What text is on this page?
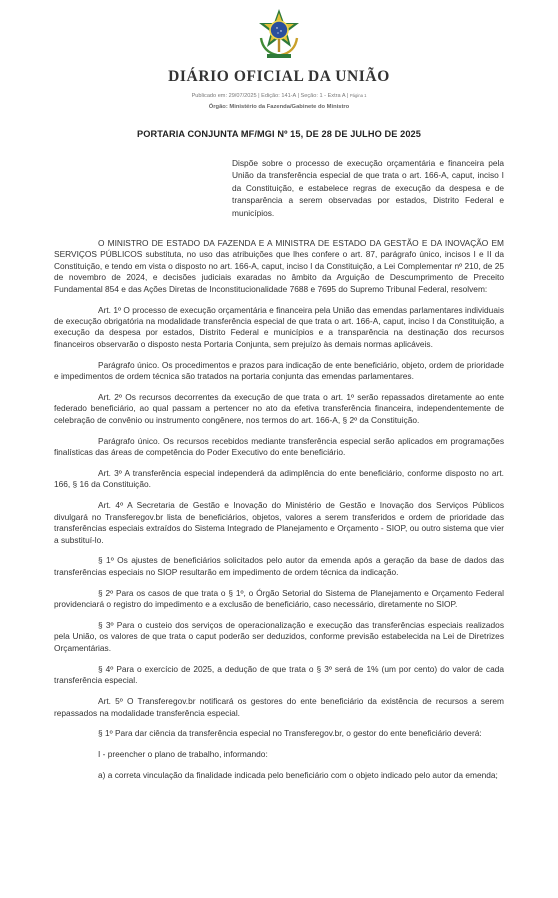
DIÁRIO OFICIAL DA UNIÃO
Publicado em: 29/07/2025 | Edição: 141-A | Seção: 1 - Extra A | Página 1
Órgão: Ministério da Fazenda/Gabinete do Ministro
PORTARIA CONJUNTA MF/MGI Nº 15, DE 28 DE JULHO DE 2025
Dispõe sobre o processo de execução orçamentária e financeira pela União da transferência especial de que trata o art. 166-A, caput, inciso I da Constituição, e estabelece regras de execução da despesa e de transparência a serem observadas por estados, Distrito Federal e municípios.

O MINISTRO DE ESTADO DA FAZENDA E A MINISTRA DE ESTADO DA GESTÃO E DA INOVAÇÃO EM SERVIÇOS PÚBLICOS substituta, no uso das atribuições que lhes confere o art. 87, parágrafo único, incisos I e II da Constituição, e tendo em vista o disposto no art. 166-A, caput, inciso I da Constituição, a Lei Complementar nº 210, de 25 de novembro de 2024, e decisões judiciais exaradas no âmbito da Arguição de Descumprimento de Preceito Fundamental 854 e das Ações Diretas de Inconstitucionalidade 7688 e 7695 do Supremo Tribunal Federal, resolvem:

Art. 1º O processo de execução orçamentária e financeira pela União das emendas parlamentares individuais de execução obrigatória na modalidade transferência especial de que trata o art. 166-A, caput, inciso I da Constituição, a execução da despesa por estados, Distrito Federal e municípios e a transparência na destinação dos recursos financeiros observarão o disposto nesta Portaria Conjunta, sem prejuízo às demais normas aplicáveis.

Parágrafo único. Os procedimentos e prazos para indicação de ente beneficiário, objeto, ordem de prioridade e impedimentos de ordem técnica são tratados na portaria conjunta das emendas parlamentares.

Art. 2º Os recursos decorrentes da execução de que trata o art. 1º serão repassados diretamente ao ente federado beneficiário, ao qual passam a pertencer no ato da efetiva transferência financeira, independentemente de celebração de convênio ou instrumento congênere, nos termos do art. 166-A, § 2º da Constituição.

Parágrafo único. Os recursos recebidos mediante transferência especial serão aplicados em programações finalísticas das áreas de competência do Poder Executivo do ente beneficiário.

Art. 3º A transferência especial independerá da adimplência do ente beneficiário, conforme disposto no art. 166, § 16 da Constituição.

Art. 4º A Secretaria de Gestão e Inovação do Ministério de Gestão e Inovação dos Serviços Públicos divulgará no Transferegov.br lista de beneficiários, objetos, valores a serem transferidos e ordem de prioridade das transferências especiais extraídos do Sistema Integrado de Planejamento e Orçamento - SIOP, ou outro sistema que vier a substituí-lo.

§ 1º Os ajustes de beneficiários solicitados pelo autor da emenda após a geração da base de dados das transferências especiais no SIOP resultarão em impedimento de ordem técnica da indicação.

§ 2º Para os casos de que trata o § 1º, o Órgão Setorial do Sistema de Planejamento e Orçamento Federal providenciará o registro do impedimento e a exclusão de beneficiário, caso necessário, diretamente no SIOP.

§ 3º Para o custeio dos serviços de operacionalização e execução das transferências especiais realizados pela União, os valores de que trata o caput poderão ser deduzidos, conforme previsão estabelecida na Lei de Diretrizes Orçamentárias.

§ 4º Para o exercício de 2025, a dedução de que trata o § 3º será de 1% (um por cento) do valor de cada transferência especial.

Art. 5º O Transferegov.br notificará os gestores do ente beneficiário da existência de recursos a serem repassados na modalidade transferência especial.

§ 1º Para dar ciência da transferência especial no Transferegov.br, o gestor do ente beneficiário deverá:

I - preencher o plano de trabalho, informando:

a) a correta vinculação da finalidade indicada pelo beneficiário com o objeto indicado pelo autor da emenda;
